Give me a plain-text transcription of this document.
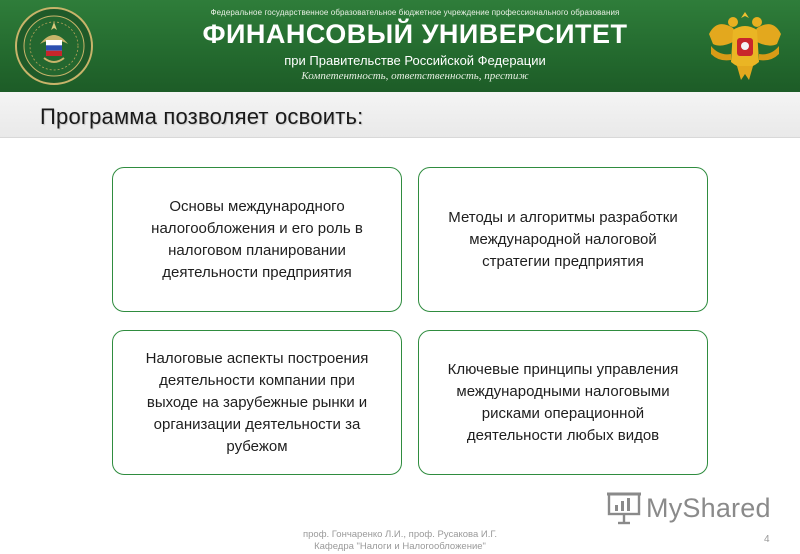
Федеральное государственное образовательное бюджетное учреждение профессионального образования
ФИНАНСОВЫЙ УНИВЕРСИТЕТ
при Правительстве Российской Федерации
Компетентность, ответственность, престиж
Программа позволяет освоить:
Основы международного
налогообложения и его роль в
налоговом планировании
деятельности предприятия
Методы и алгоритмы разработки
международной налоговой
стратегии предприятия
Налоговые аспекты построения
деятельности компании при
выходе на зарубежные рынки и
организации деятельности за
рубежом
Ключевые принципы управления
международными налоговыми
рисками операционной
деятельности любых видов
MyShared
проф. Гончаренко Л.И., проф. Русакова И.Г.
Кафедра "Налоги и Налогообложение"
4
